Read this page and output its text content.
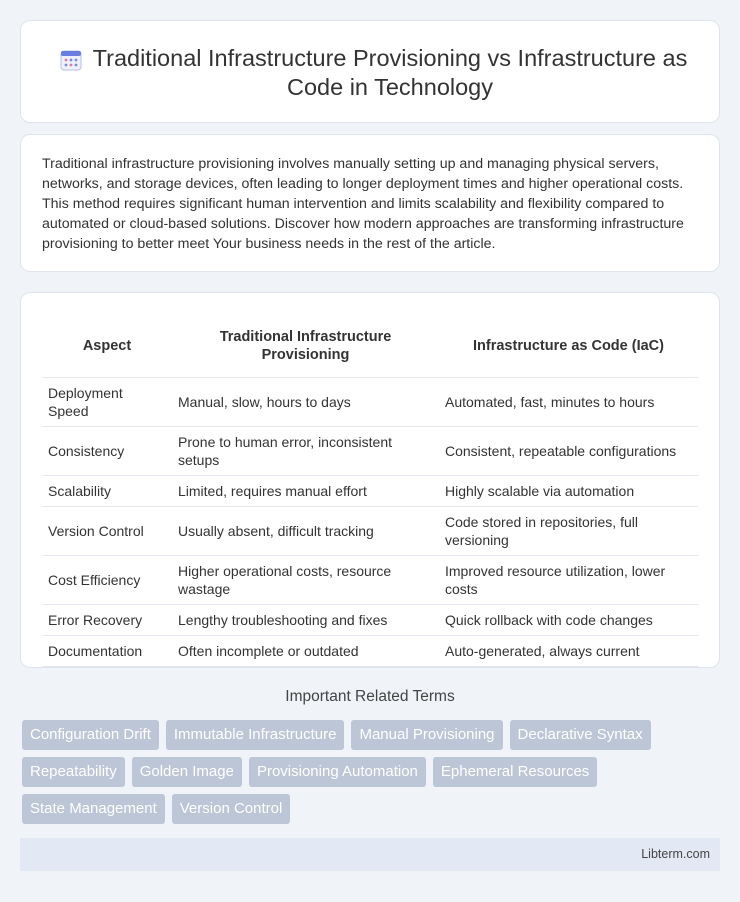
Traditional Infrastructure Provisioning vs Infrastructure as Code in Technology

Traditional infrastructure provisioning involves manually setting up and managing physical servers, networks, and storage devices, often leading to longer deployment times and higher operational costs. This method requires significant human intervention and limits scalability and flexibility compared to automated or cloud-based solutions. Discover how modern approaches are transforming infrastructure provisioning to better meet Your business needs in the rest of the article.

Aspect	Traditional Infrastructure Provisioning	Infrastructure as Code (IaC)
Deployment Speed	Manual, slow, hours to days	Automated, fast, minutes to hours
Consistency	Prone to human error, inconsistent setups	Consistent, repeatable configurations
Scalability	Limited, requires manual effort	Highly scalable via automation
Version Control	Usually absent, difficult tracking	Code stored in repositories, full versioning
Cost Efficiency	Higher operational costs, resource wastage	Improved resource utilization, lower costs
Error Recovery	Lengthy troubleshooting and fixes	Quick rollback with code changes
Documentation	Often incomplete or outdated	Auto-generated, always current
Important Related Terms
Configuration Drift	Immutable Infrastructure	Manual Provisioning	Declarative Syntax
Repeatability	Golden Image	Provisioning Automation	Ephemeral Resources
State Management	Version Control
Libterm.com
